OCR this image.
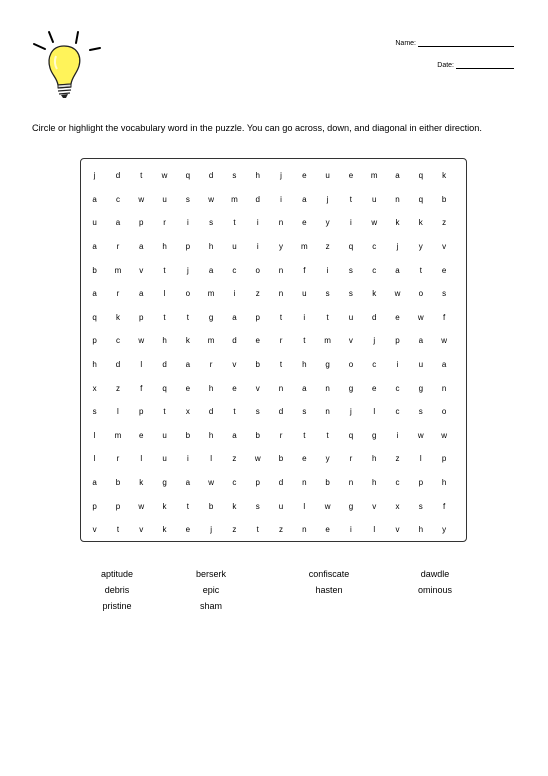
Name:
Date:
Circle or highlight the vocabulary word in the puzzle. You can go across, down, and diagonal in either direction.
j	d	t	w	q	d	s	h	j	e	u	e	m	a	q	k
a	c	w	u	s	w	m	d	i	a	j	t	u	n	q	b
u	a	p	r	i	s	t	i	n	e	y	i	w	k	k	z
a	r	a	h	p	h	u	i	y	m	z	q	c	j	y	v
b	m	v	t	j	a	c	o	n	f	i	s	c	a	t	e
a	r	a	l	o	m	i	z	n	u	s	s	k	w	o	s
q	k	p	t	t	g	a	p	t	i	t	u	d	e	w	f
p	c	w	h	k	m	d	e	r	t	m	v	j	p	a	w
h	d	l	d	a	r	v	b	t	h	g	o	c	i	u	a
x	z	f	q	e	h	e	v	n	a	n	g	e	c	g	n
s	l	p	t	x	d	t	s	d	s	n	j	l	c	s	o
l	m	e	u	b	h	a	b	r	t	t	q	g	i	w	w
l	r	l	u	i	l	z	w	b	e	y	r	h	z	l	p
a	b	k	g	a	w	c	p	d	n	b	n	h	c	p	h
p	p	w	k	t	b	k	s	u	l	w	g	v	x	s	f
v	t	v	k	e	j	z	t	z	n	e	i	l	v	h	y
aptitude	berserk	confiscate	dawdle
debris	epic	hasten	ominous
pristine	sham
